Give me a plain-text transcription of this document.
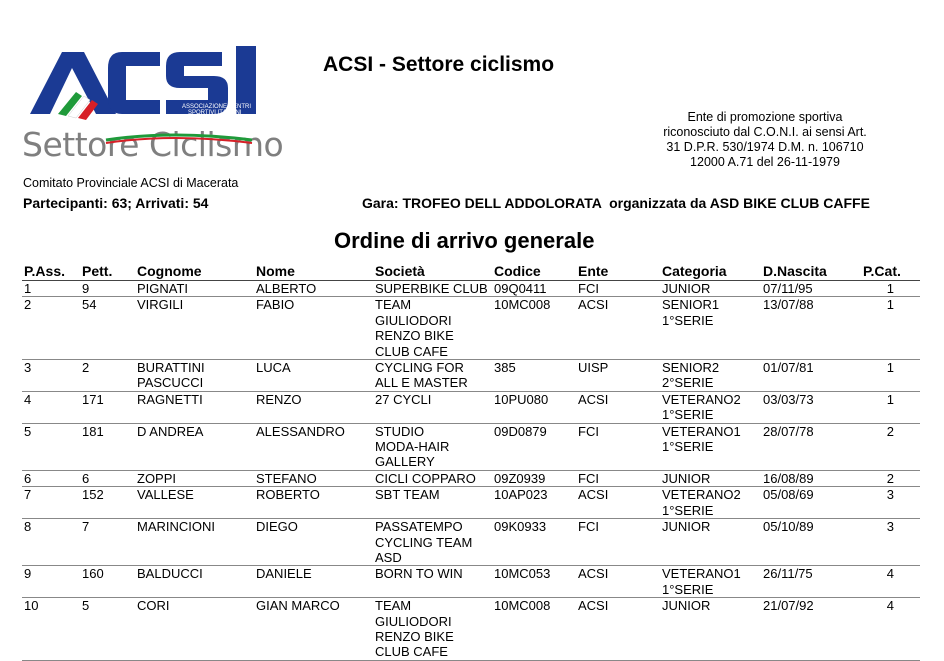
ASSOCIAZIONE CENTRI
SPORTIVI ITALIANI
ACSI
Settore Ciclismo
ACSI - Settore ciclismo
Ente di promozione sportiva
riconosciuto dal C.O.N.I. ai sensi Art.
31 D.P.R. 530/1974 D.M. n. 106710
12000 A.71 del 26-11-1979
Comitato Provinciale ACSI di Macerata
Partecipanti: 63; Arrivati: 54	Gara: TROFEO DELL ADDOLORATA  organizzata da ASD BIKE CLUB CAFFE
Ordine di arrivo generale
P.Ass.	Pett.	Cognome	Nome	Società	Codice	Ente	Categoria	D.Nascita	P.Cat.

1	9	PIGNATI	ALBERTO	SUPERBIKE CLUB	09Q0411	FCI	JUNIOR	07/11/95	1

2	54	VIRGILI	FABIO	TEAM
GIULIODORI
RENZO BIKE
CLUB CAFE	10MC008	ACSI	SENIOR1
1°SERIE	13/07/88	1

3	2	BURATTINI
PASCUCCI	LUCA	CYCLING FOR
ALL E MASTER	385	UISP	SENIOR2
2°SERIE	01/07/81	1

4	171	RAGNETTI	RENZO	27 CYCLI	10PU080	ACSI	VETERANO2
1°SERIE	03/03/73	1

5	181	D ANDREA	ALESSANDRO	STUDIO
MODA-HAIR
GALLERY	09D0879	FCI	VETERANO1
1°SERIE	28/07/78	2

6	6	ZOPPI	STEFANO	CICLI COPPARO	09Z0939	FCI	JUNIOR	16/08/89	2

7	152	VALLESE	ROBERTO	SBT TEAM	10AP023	ACSI	VETERANO2
1°SERIE	05/08/69	3

8	7	MARINCIONI	DIEGO	PASSATEMPO
CYCLING TEAM
ASD	09K0933	FCI	JUNIOR	05/10/89	3

9	160	BALDUCCI	DANIELE	BORN TO WIN	10MC053	ACSI	VETERANO1
1°SERIE	26/11/75	4

10	5	CORI	GIAN MARCO	TEAM
GIULIODORI
RENZO BIKE
CLUB CAFE	10MC008	ACSI	JUNIOR	21/07/92	4
